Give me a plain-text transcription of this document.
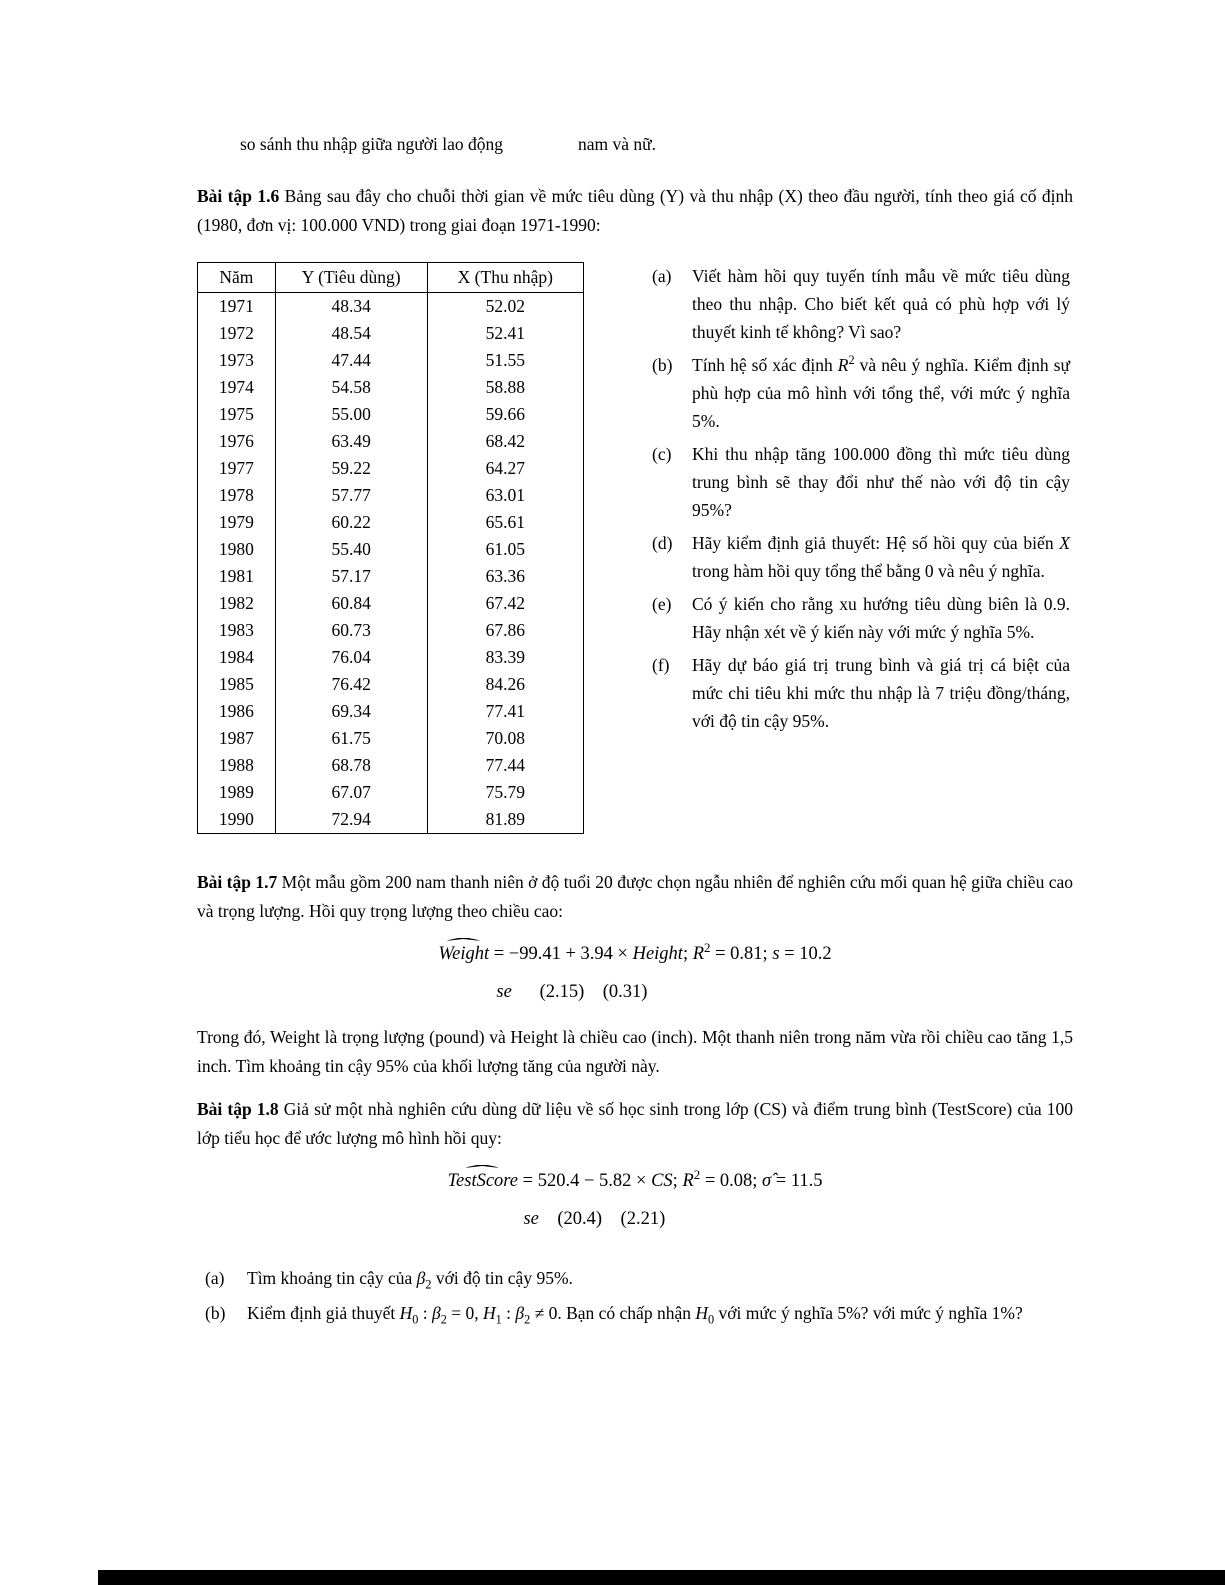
so sánh thu nhập giữa người lao động	nam và nữ.

Bài tập 1.6 Bảng sau đây cho chuỗi thời gian về mức tiêu dùng (Y) và thu nhập (X) theo đầu người, tính theo giá cố định (1980, đơn vị: 100.000 VND) trong giai đoạn 1971-1990:

Năm	Y (Tiêu dùng)	X (Thu nhập)
1971	48.34	52.02
1972	48.54	52.41
1973	47.44	51.55
1974	54.58	58.88
1975	55.00	59.66
1976	63.49	68.42
1977	59.22	64.27
1978	57.77	63.01
1979	60.22	65.61
1980	55.40	61.05
1981	57.17	63.36
1982	60.84	67.42
1983	60.73	67.86
1984	76.04	83.39
1985	76.42	84.26
1986	69.34	77.41
1987	61.75	70.08
1988	68.78	77.44
1989	67.07	75.79
1990	72.94	81.89
(a)	Viết hàm hồi quy tuyến tính mẫu về mức tiêu dùng theo thu nhập. Cho biết kết quả có phù hợp với lý thuyết kinh tế không? Vì sao?
(b)	Tính hệ số xác định $R^2$ và nêu ý nghĩa. Kiểm định sự phù hợp của mô hình với tổng thể, với mức ý nghĩa 5%.
(c)	Khi thu nhập tăng 100.000 đồng thì mức tiêu dùng trung bình sẽ thay đổi như thế nào với độ tin cậy 95%?
(d)	Hãy kiểm định giả thuyết: Hệ số hồi quy của biến X trong hàm hồi quy tổng thể bằng 0 và nêu ý nghĩa.
(e)	Có ý kiến cho rằng xu hướng tiêu dùng biên là 0.9. Hãy nhận xét về ý kiến này với mức ý nghĩa 5%.
(f)	Hãy dự báo giá trị trung bình và giá trị cá biệt của mức chi tiêu khi mức thu nhập là 7 triệu đồng/tháng, với độ tin cậy 95%.

Bài tập 1.7 Một mẫu gồm 200 nam thanh niên ở độ tuổi 20 được chọn ngẫu nhiên để nghiên cứu mối quan hệ giữa chiều cao và trọng lượng. Hồi quy trọng lượng theo chiều cao:

ˆ Weight = −99.41 + 3.94 × Height; $R^2 = 0.81$; s = 10.2
se      (2.15)    (0.31)

Trong đó, Weight là trọng lượng (pound) và Height là chiều cao (inch). Một thanh niên trong năm vừa rồi chiều cao tăng 1,5 inch. Tìm khoảng tin cậy 95% của khối lượng tăng của người này.

Bài tập 1.8 Giả sử một nhà nghiên cứu dùng dữ liệu về số học sinh trong lớp (CS) và điểm trung bình (TestScore) của 100 lớp tiểu học để ước lượng mô hình hồi quy:

ˆ TestScore = 520.4 − 5.82 × CS; $R^2 = 0.08$; σ̂ = 11.5
se    (20.4)    (2.21)
(a)	Tìm khoảng tin cậy của $\beta_2$ với độ tin cậy 95%.
(b)	Kiểm định giả thuyết $H_0$ : $\beta_2 = 0$, $H_1$ : $\beta_2 \ne 0$. Bạn có chấp nhận $H_0$ với mức ý nghĩa 5%? với mức ý nghĩa 1%?
